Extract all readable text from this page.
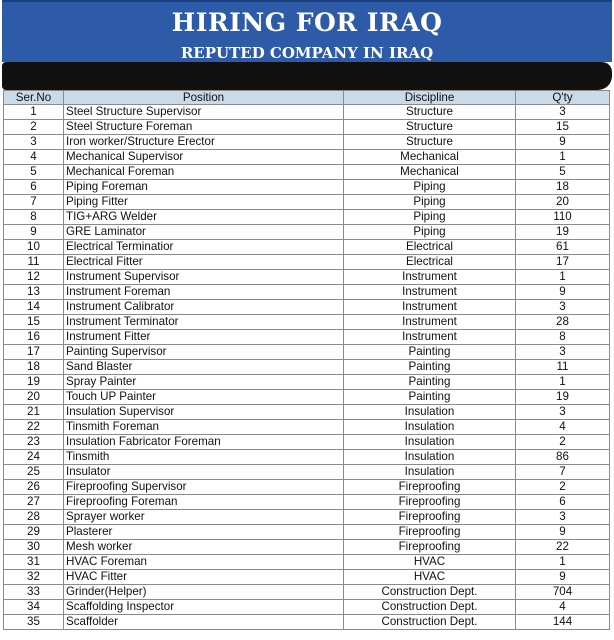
HIRING FOR IRAQ
REPUTED COMPANY IN IRAQ
Ser.No	Position	Discipline	Q'ty
1	Steel Structure Supervisor	Structure	3
2	Steel Structure Foreman	Structure	15
3	Iron worker/Structure Erector	Structure	9
4	Mechanical Supervisor	Mechanical	1
5	Mechanical Foreman	Mechanical	5
6	Piping Foreman	Piping	18
7	Piping Fitter	Piping	20
8	TIG+ARG Welder	Piping	110
9	GRE Laminator	Piping	19
10	Electrical Terminatior	Electrical	61
11	Electrical Fitter	Electrical	17
12	Instrument Supervisor	Instrument	1
13	Instrument Foreman	Instrument	9
14	Instrument Calibrator	Instrument	3
15	Instrument Terminator	Instrument	28
16	Instrument Fitter	Instrument	8
17	Painting Supervisor	Painting	3
18	Sand Blaster	Painting	11
19	Spray Painter	Painting	1
20	Touch UP Painter	Painting	19
21	Insulation Supervisor	Insulation	3
22	Tinsmith Foreman	Insulation	4
23	Insulation Fabricator Foreman	Insulation	2
24	Tinsmith	Insulation	86
25	Insulator	Insulation	7
26	Fireproofing Supervisor	Fireproofing	2
27	Fireproofing Foreman	Fireproofing	6
28	Sprayer worker	Fireproofing	3
29	Plasterer	Fireproofing	9
30	Mesh worker	Fireproofing	22
31	HVAC Foreman	HVAC	1
32	HVAC Fitter	HVAC	9
33	Grinder(Helper)	Construction Dept.	704
34	Scaffolding Inspector	Construction Dept.	4
35	Scaffolder	Construction Dept.	144
